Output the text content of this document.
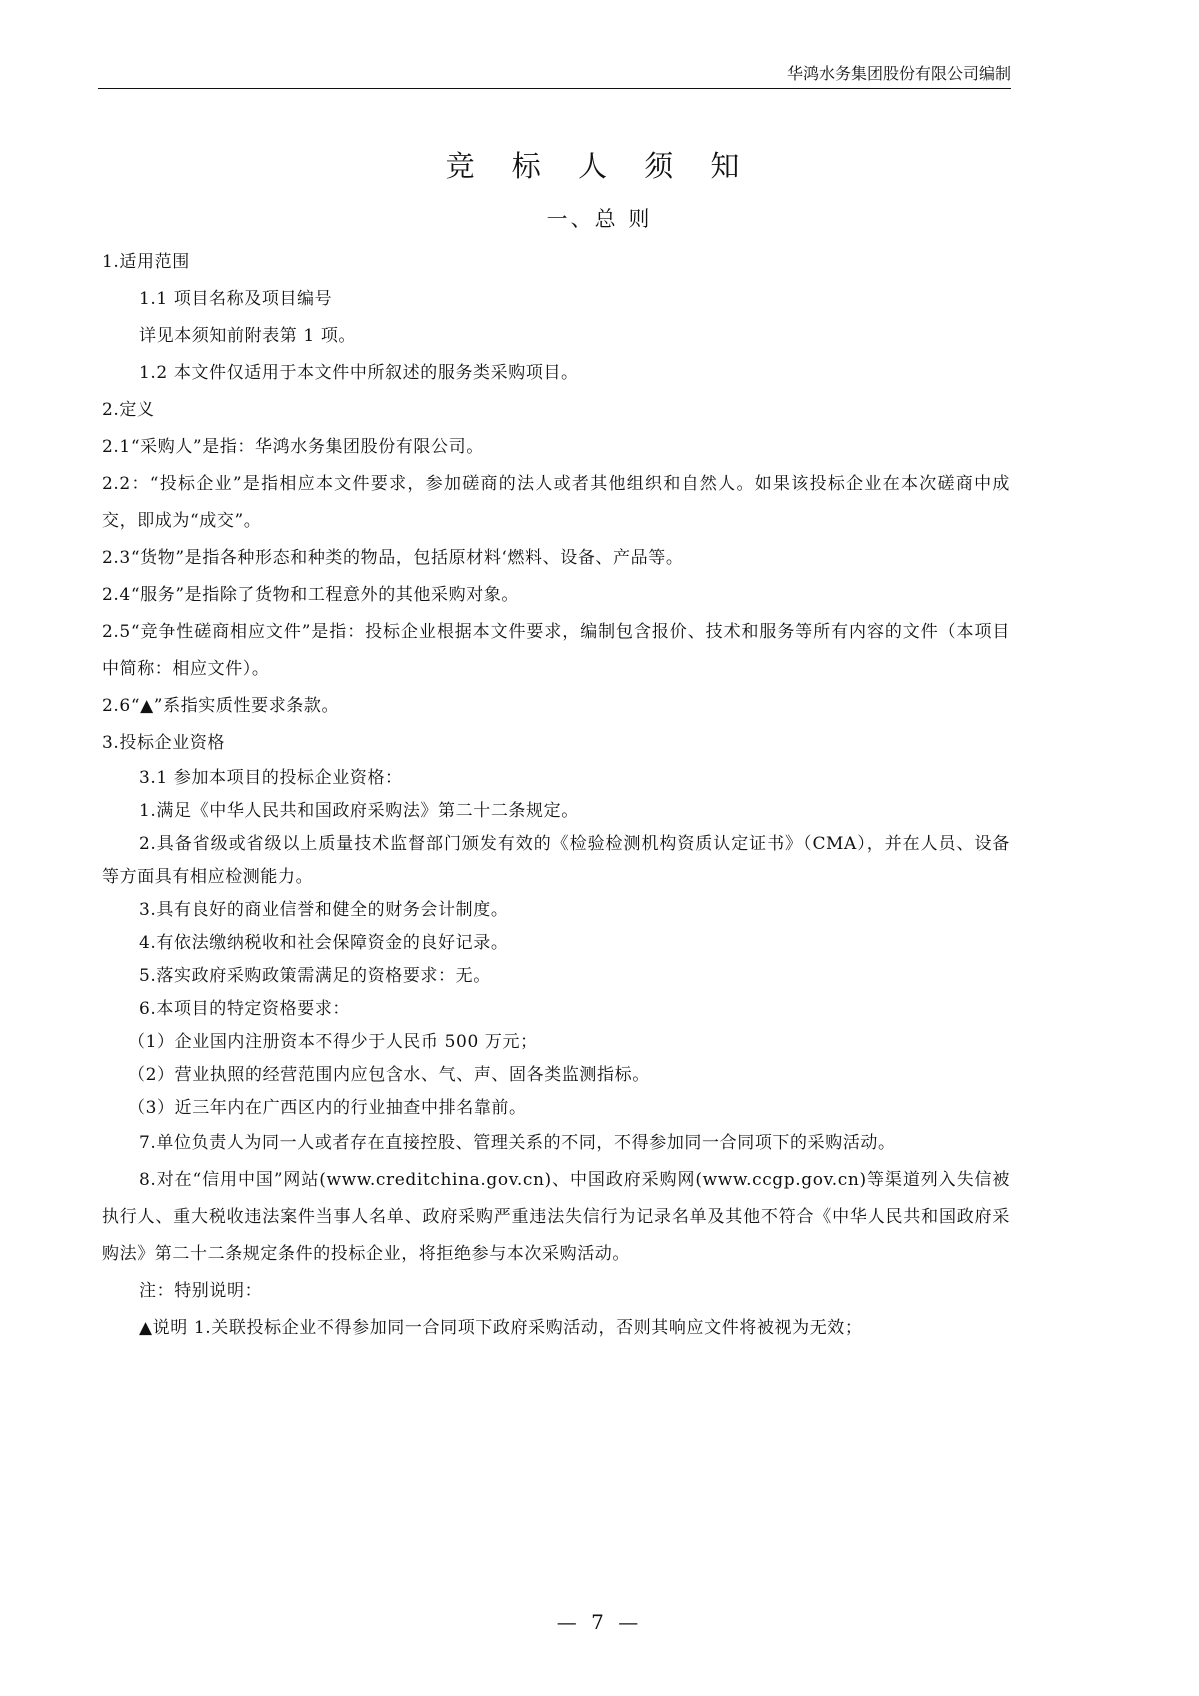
华鸿水务集团股份有限公司编制
竞 标 人 须 知
一、总 则

1.适用范围

1.1 项目名称及项目编号

详见本须知前附表第 1 项。

1.2 本文件仅适用于本文件中所叙述的服务类采购项目。

2.定义

2.1“采购人”是指：华鸿水务集团股份有限公司。

2.2：“投标企业”是指相应本文件要求，参加磋商的法人或者其他组织和自然人。如果该投标企业在本次磋商中成交，即成为“成交”。

2.3“货物”是指各种形态和种类的物品，包括原材料‘燃料、设备、产品等。

2.4“服务”是指除了货物和工程意外的其他采购对象。

2.5“竞争性磋商相应文件”是指：投标企业根据本文件要求，编制包含报价、技术和服务等所有内容的文件（本项目中简称：相应文件）。

2.6“▲”系指实质性要求条款。

3.投标企业资格

3.1 参加本项目的投标企业资格：

1.满足《中华人民共和国政府采购法》第二十二条规定。

2.具备省级或省级以上质量技术监督部门颁发有效的《检验检测机构资质认定证书》（CMA），并在人员、设备等方面具有相应检测能力。

3.具有良好的商业信誉和健全的财务会计制度。

4.有依法缴纳税收和社会保障资金的良好记录。

5.落实政府采购政策需满足的资格要求：无。

6.本项目的特定资格要求：

（1）企业国内注册资本不得少于人民币 500 万元；

（2）营业执照的经营范围内应包含水、气、声、固各类监测指标。

（3）近三年内在广西区内的行业抽查中排名靠前。

7.单位负责人为同一人或者存在直接控股、管理关系的不同，不得参加同一合同项下的采购活动。

8.对在“信用中国”网站(www.creditchina.gov.cn)、中国政府采购网(www.ccgp.gov.cn)等渠道列入失信被执行人、重大税收违法案件当事人名单、政府采购严重违法失信行为记录名单及其他不符合《中华人民共和国政府采购法》第二十二条规定条件的投标企业，将拒绝参与本次采购活动。

注：特别说明：

▲说明 1.关联投标企业不得参加同一合同项下政府采购活动，否则其响应文件将被视为无效；

— 7 —
